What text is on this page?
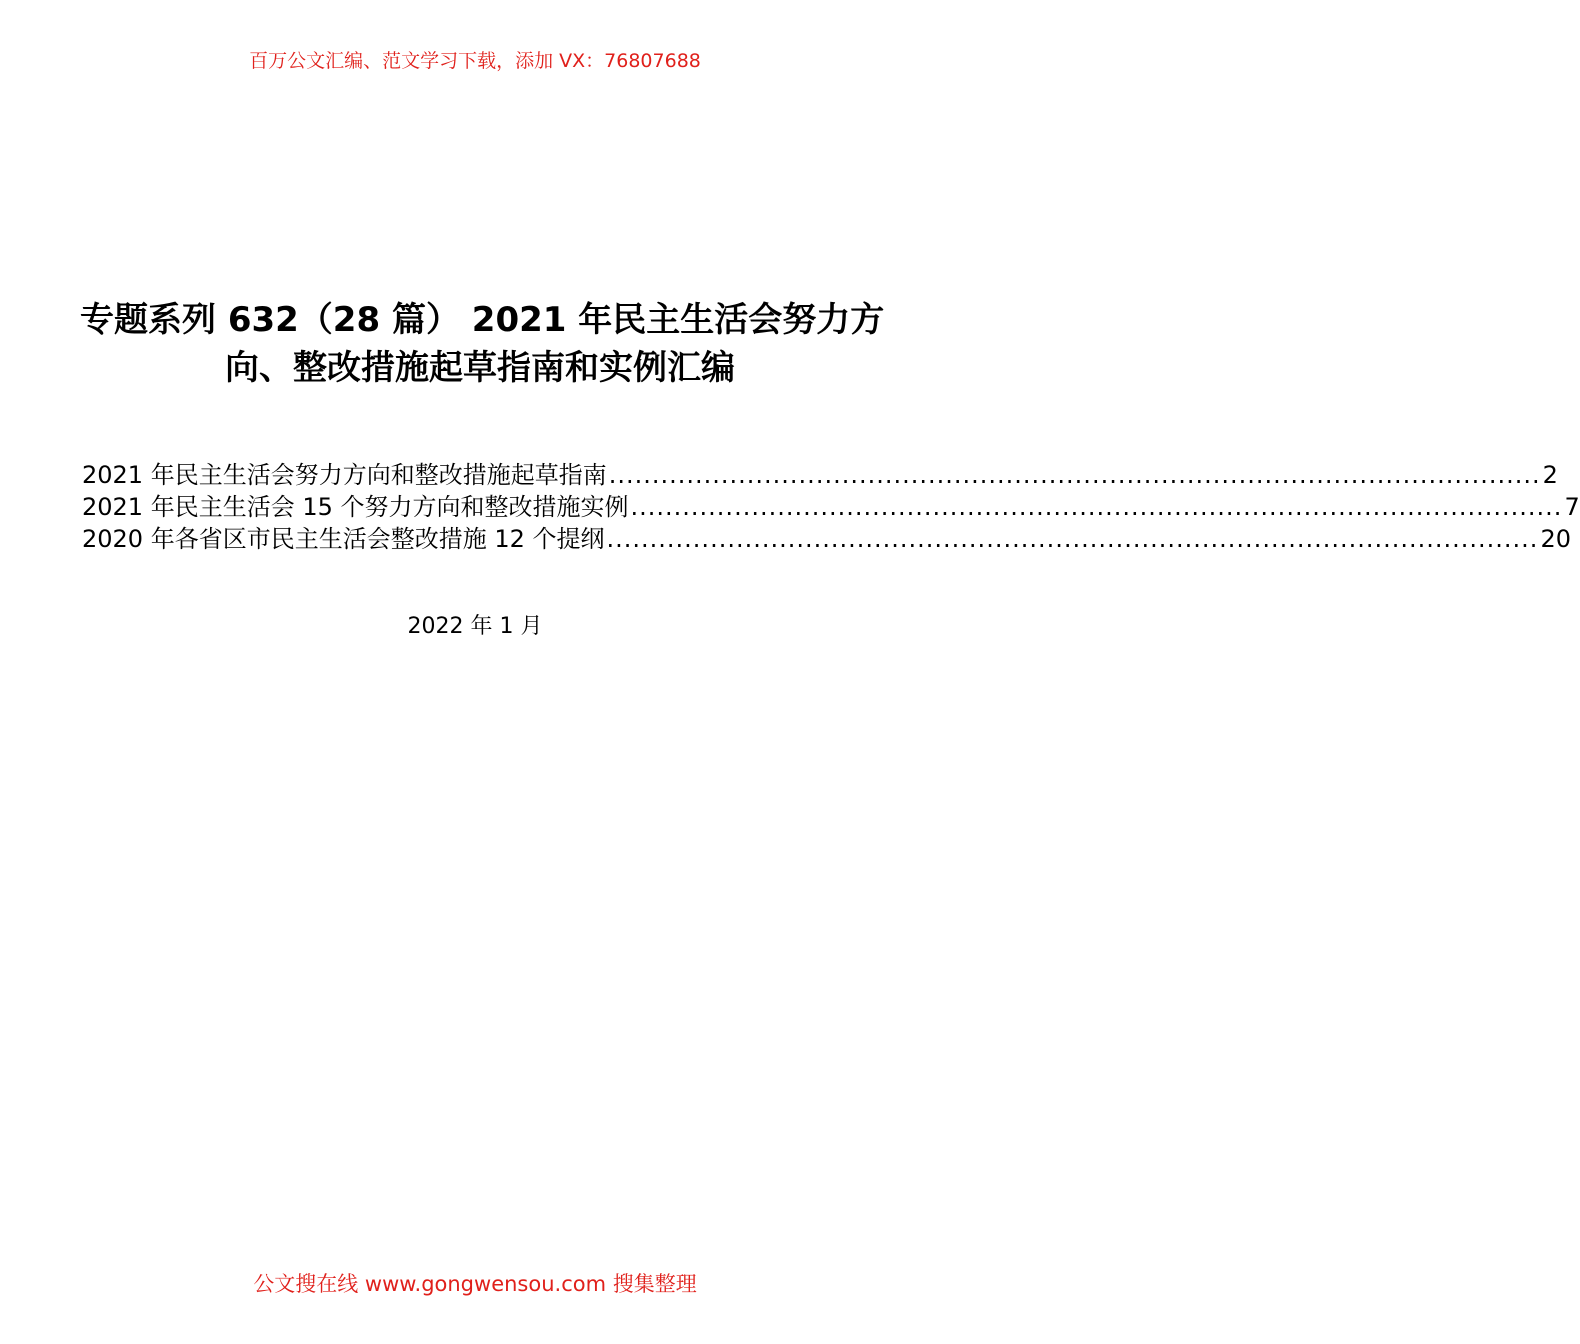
百万公文汇编、范文学习下载，添加 VX：76807688
专题系列 632（28 篇） 2021 年民主生活会努力方
向、整改措施起草指南和实例汇编
2021 年民主生活会努力方向和整改措施起草指南 ............................................................................................................ 2
2021 年民主生活会 15 个努力方向和整改措施实例 ............................................................................................................ 7
2020 年各省区市民主生活会整改措施 12 个提纲 ............................................................................................................ 20
2022 年 1 月
公文搜在线 www.gongwensou.com 搜集整理
